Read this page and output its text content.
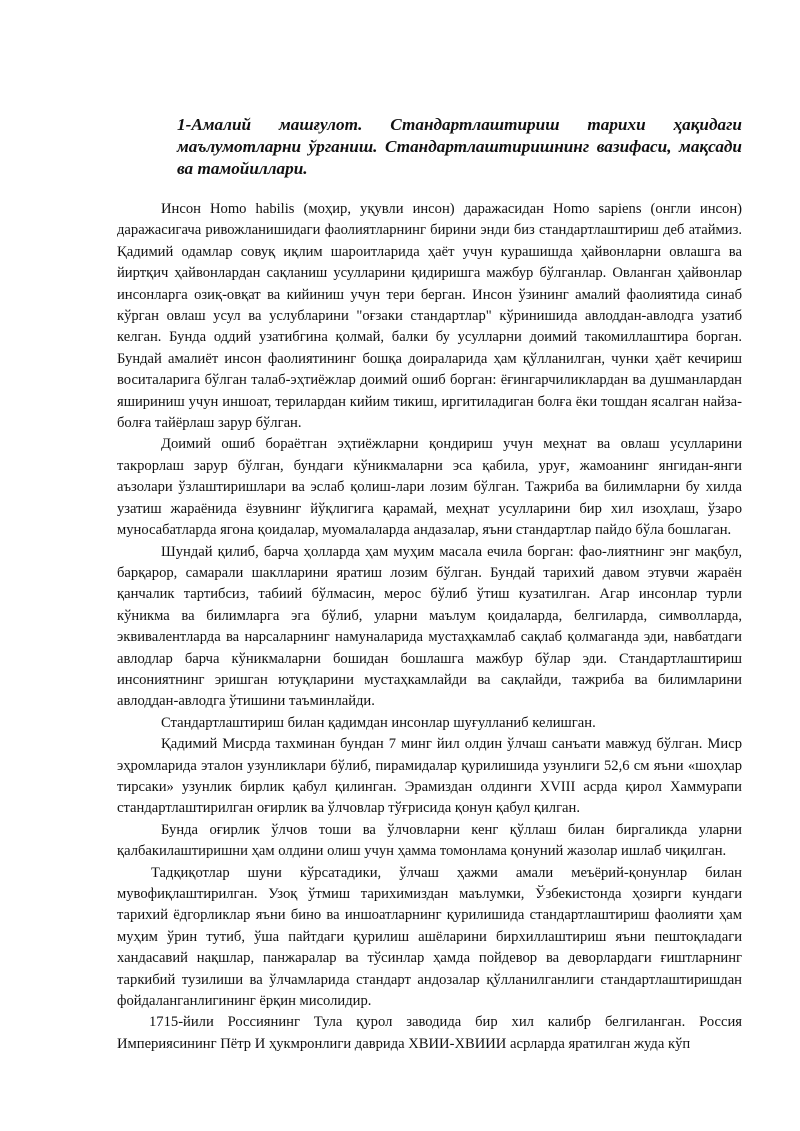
1-Амалий машғулот. Стандартлаштириш тарихи ҳақидаги маълумотларни ўрганиш. Стандартлаштиришнинг вазифаси, мақсади ва тамойиллари.

Инсон Homo habilis (моҳир, уқувли инсон) даражасидан Homo sapiens (онгли инсон) даражасигача ривожланишидаги фаолиятларнинг бирини энди биз стандартлаштириш деб атаймиз. Қадимий одамлар совуқ иқлим шароитларида ҳаёт учун курашишда ҳайвонларни овлашга ва йиртқич ҳайвонлардан сақланиш усулларини қидиришга мажбур бўлганлар. Овланган ҳайвонлар инсонларга озиқ-овқат ва кийиниш учун тери берган. Инсон ўзининг амалий фаолиятида синаб кўрган овлаш усул ва услубларини "оғзаки стандартлар" кўринишида авлоддан-авлодга узатиб келган. Бунда оддий узатибгина қолмай, балки бу усулларни доимий такомиллаштира борган. Бундай амалиёт инсон фаолиятининг бошқа доираларида ҳам қўлланилган, чунки ҳаёт кечириш воситаларига бўлган талаб-эҳтиёжлар доимий ошиб борган: ёғингарчиликлардан ва душманлардан яшириниш учун иншоат, терилардан кийим тикиш, иргитиладиган болға ёки тошдан ясалган найза-болға тайёрлаш зарур бўлган.

Доимий ошиб бораётган эҳтиёжларни қондириш учун меҳнат ва овлаш усулларини такрорлаш зарур бўлган, бундаги кўникмаларни эса қабила, уруғ, жамоанинг янгидан-янги аъзолари ўзлаштиришлари ва эслаб қолиш-лари лозим бўлган. Тажриба ва билимларни бу хилда узатиш жараёнида ёзувнинг йўқлигига қарамай, меҳнат усулларини бир хил изоҳлаш, ўзаро муносабатларда ягона қоидалар, муомалаларда андазалар, яъни стандартлар пайдо бўла бошлаган.

Шундай қилиб, барча ҳолларда ҳам муҳим масала ечила борган: фао-лиятнинг энг мақбул, барқарор, самарали шаклларини яратиш лозим бўлган. Бундай тарихий давом этувчи жараён қанчалик тартибсиз, табиий бўлмасин, мерос бўлиб ўтиш кузатилган. Агар инсонлар турли кўникма ва билимларга эга бўлиб, уларни маълум қоидаларда, белгиларда, символларда, эквивалентларда ва нарсаларнинг намуналарида мустаҳкамлаб сақлаб қолмаганда эди, навбатдаги авлодлар барча кўникмаларни бошидан бошлашга мажбур бўлар эди. Стандартлаштириш инсониятнинг эришган ютуқларини мустаҳкамлайди ва сақлайди, тажриба ва билимларини авлоддан-авлодга ўтишини таъминлайди.

Стандартлаштириш билан қадимдан инсонлар шуғулланиб келишган.

Қадимий Мисрда тахминан бундан 7 минг йил олдин ўлчаш санъати мавжуд бўлган. Миср эҳромларида эталон узунликлари бўлиб, пирамидалар қурилишида узунлиги 52,6 см яъни «шоҳлар тирсаки» узунлик бирлик қабул қилинган. Эрамиздан олдинги XVIII асрда қирол Хаммурапи стандартлаштирилган оғирлик ва ўлчовлар тўғрисида қонун қабул қилган.

Бунда оғирлик ўлчов тоши ва ўлчовларни кенг қўллаш билан биргаликда уларни қалбакилаштиришни ҳам олдини олиш учун ҳамма томонлама қонуний жазолар ишлаб чиқилган.

Тадқиқотлар шуни кўрсатадики, ўлчаш ҳажми амали меъёрий-қонунлар билан мувофиқлаштирилган. Узоқ ўтмиш тарихимиздан маълумки, Ўзбекистонда ҳозирги кундаги тарихий ёдгорликлар яъни бино ва иншоатларнинг қурилишида стандартлаштириш фаолияти ҳам муҳим ўрин тутиб, ўша пайтдаги қурилиш ашёларини бирхиллаштириш яъни пештоқладаги хандасавий нақшлар, панжаралар ва тўсинлар ҳамда пойдевор ва деворлардаги ғиштларнинг таркибий тузилиши ва ўлчамларида стандарт андозалар қўлланилганлиги стандартлаштиришдан фойдаланганлигининг ёрқин мисолидир.

1715-йили Россиянинг Тула қурол заводида бир хил калибр белгиланган. Россия Империясининг Пётр И ҳукмронлиги даврида ХВИИ-ХВИИИ асрларда яратилган жуда кўп
